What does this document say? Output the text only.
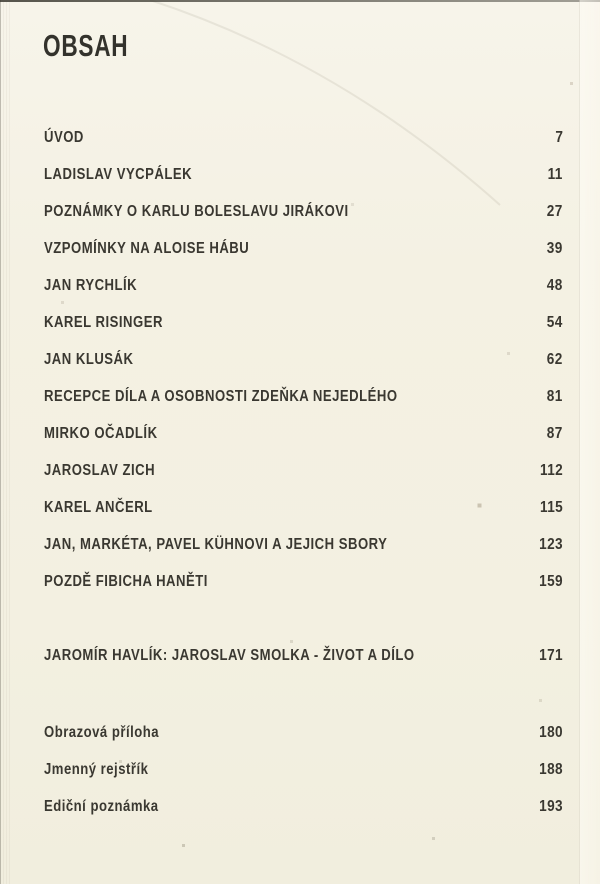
OBSAH
ÚVOD	7
LADISLAV VYCPÁLEK	11
POZNÁMKY O KARLU BOLESLAVU JIRÁKOVI	27
VZPOMÍNKY NA ALOISE HÁBU	39
JAN RYCHLÍK	48
KAREL RISINGER	54
JAN KLUSÁK	62
RECEPCE DÍLA A OSOBNOSTI ZDEŇKA NEJEDLÉHO	81
MIRKO OČADLÍK	87
JAROSLAV ZICH	112
KAREL ANČERL	115
JAN, MARKÉTA, PAVEL KÜHNOVI A JEJICH SBORY	123
POZDĚ FIBICHA HANĚTI	159
JAROMÍR HAVLÍK: JAROSLAV SMOLKA - ŽIVOT A DÍLO	171
Obrazová příloha	180
Jmenný rejstřík	188
Ediční poznámka	193
